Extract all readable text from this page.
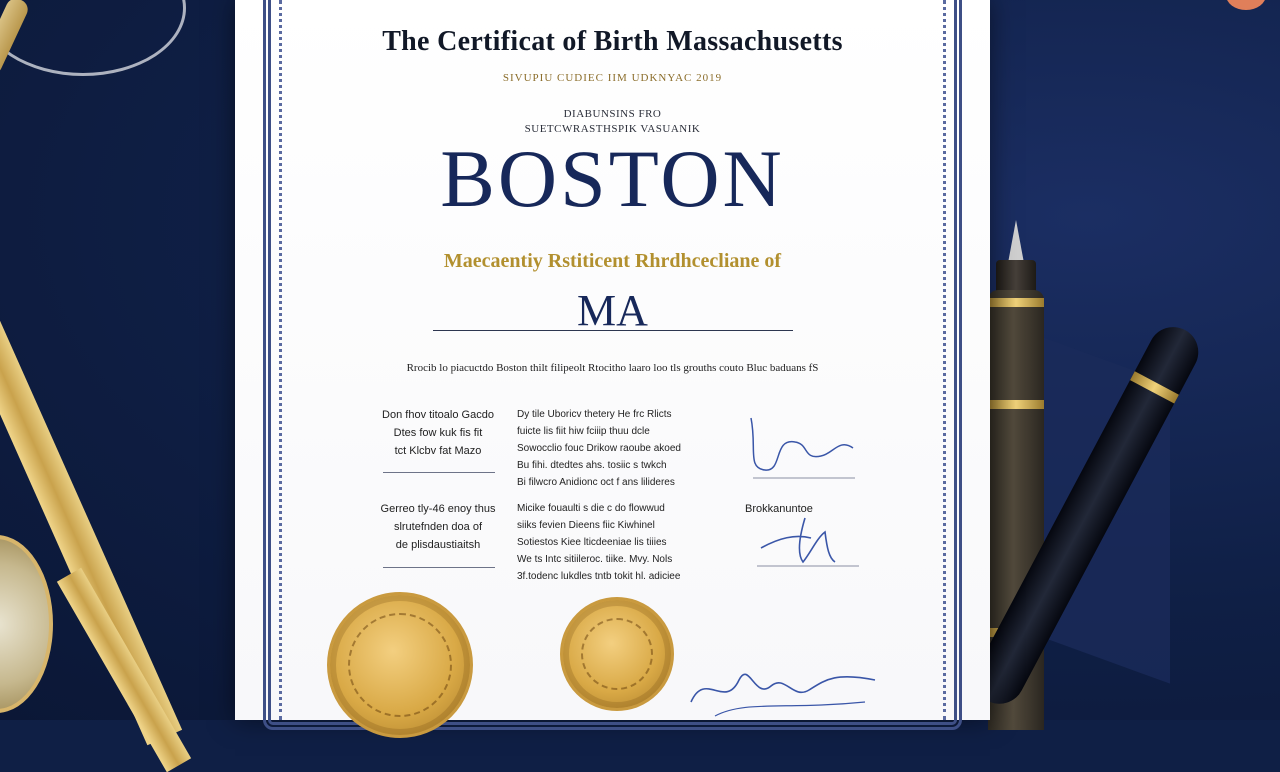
The Certificat of Birth Massachusetts
SIVUPIU CUDIEC IIM UDKNYAC 2019
DIABUNSINS FRO
SUETCWRASTHSPIK VASUANIK
BOSTON
Maecaentiy Rstiticent Rhrdhcecliane of
MA
Rrocib lo piacuctdo Boston thilt filipeolt Rtocitho laaro loo tls grouths couto Bluc baduans fS
Don fhov titoalo Gacdo
Dtes fow kuk fis fit
tct Klcbv fat Mazo
Dy tile Uboricv thetery He frc Rlicts
fuicte lis fiit hiw fciiip thuu dcle
Sowocclio fouc Drikow raoube akoed
Bu fihi. dtedtes ahs. tosiic s twkch
Bi filwcro Anidionc oct f ans lilideres
Gerreo tly-46 enoy thus
slrutefnden doa of
de plisdaustiaitsh
Micike fouaulti s die c do flowwud
siiks fevien Dieens fiic Kiwhinel
Sotiestos Kiee lticdeeniae lis tiiies
We ts Intc sitiileroc. tiike. Mvy. Nols
3f.todenc lukdles tntb tokit hl. adiciee
Brokkanuntoe
